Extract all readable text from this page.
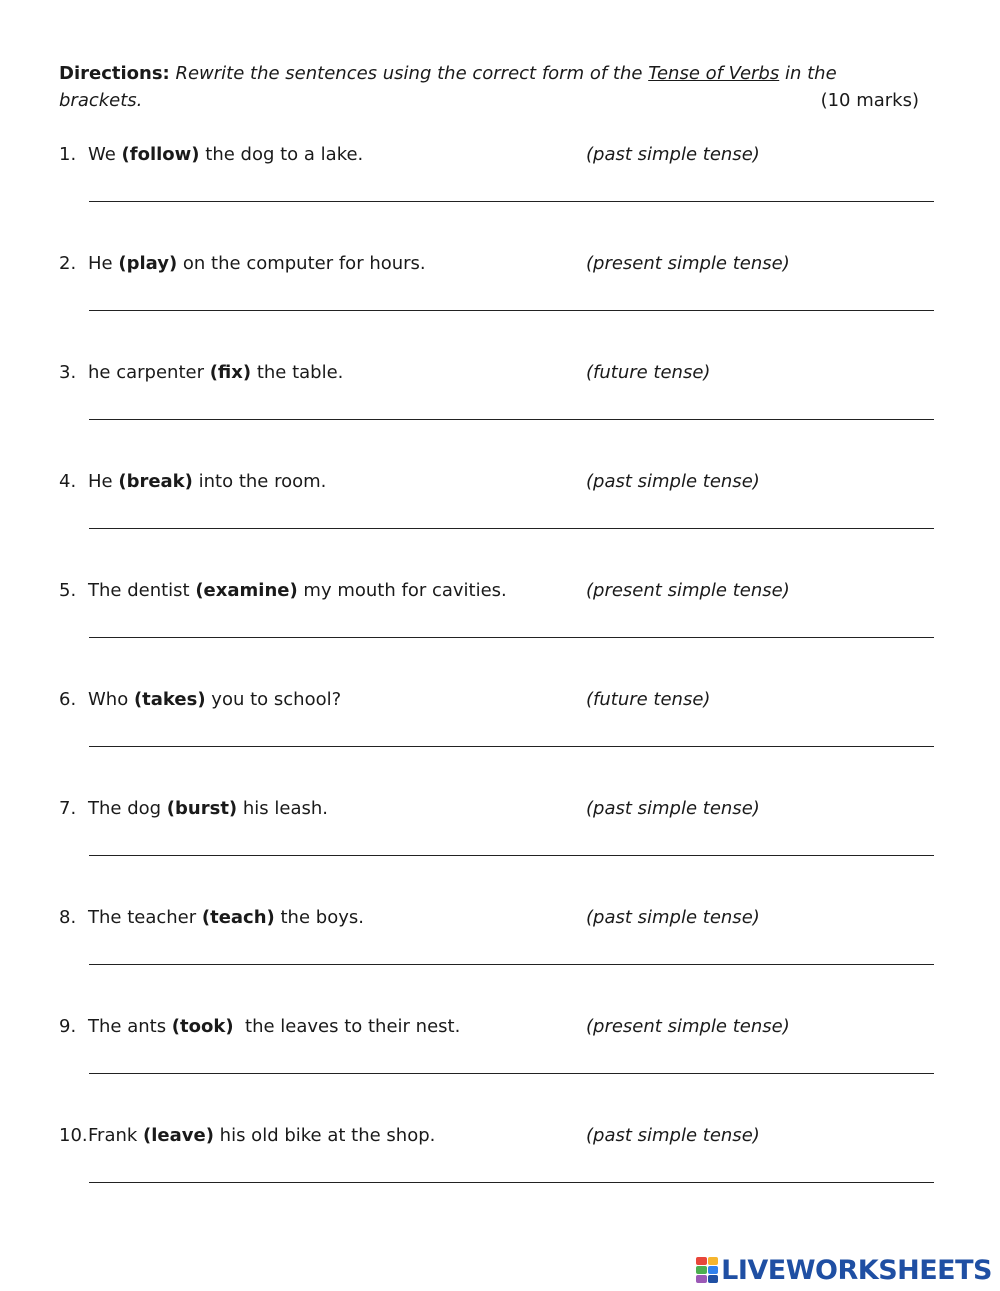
Directions: Rewrite the sentences using the correct form of the Tense of Verbs in the brackets.	(10 marks)
1. We (follow) the dog to a lake.	(past simple tense)
2. He (play) on the computer for hours.	(present simple tense)
3. he carpenter (fix) the table.	(future tense)
4. He (break) into the room.	(past simple tense)
5. The dentist (examine) my mouth for cavities.	(present simple tense)
6. Who (takes) you to school?	(future tense)
7. The dog (burst) his leash.	(past simple tense)
8. The teacher (teach) the boys.	(past simple tense)
9. The ants (took)  the leaves to their nest.	(present simple tense)
10. Frank (leave) his old bike at the shop.	(past simple tense)
LIVEWORKSHEETS
